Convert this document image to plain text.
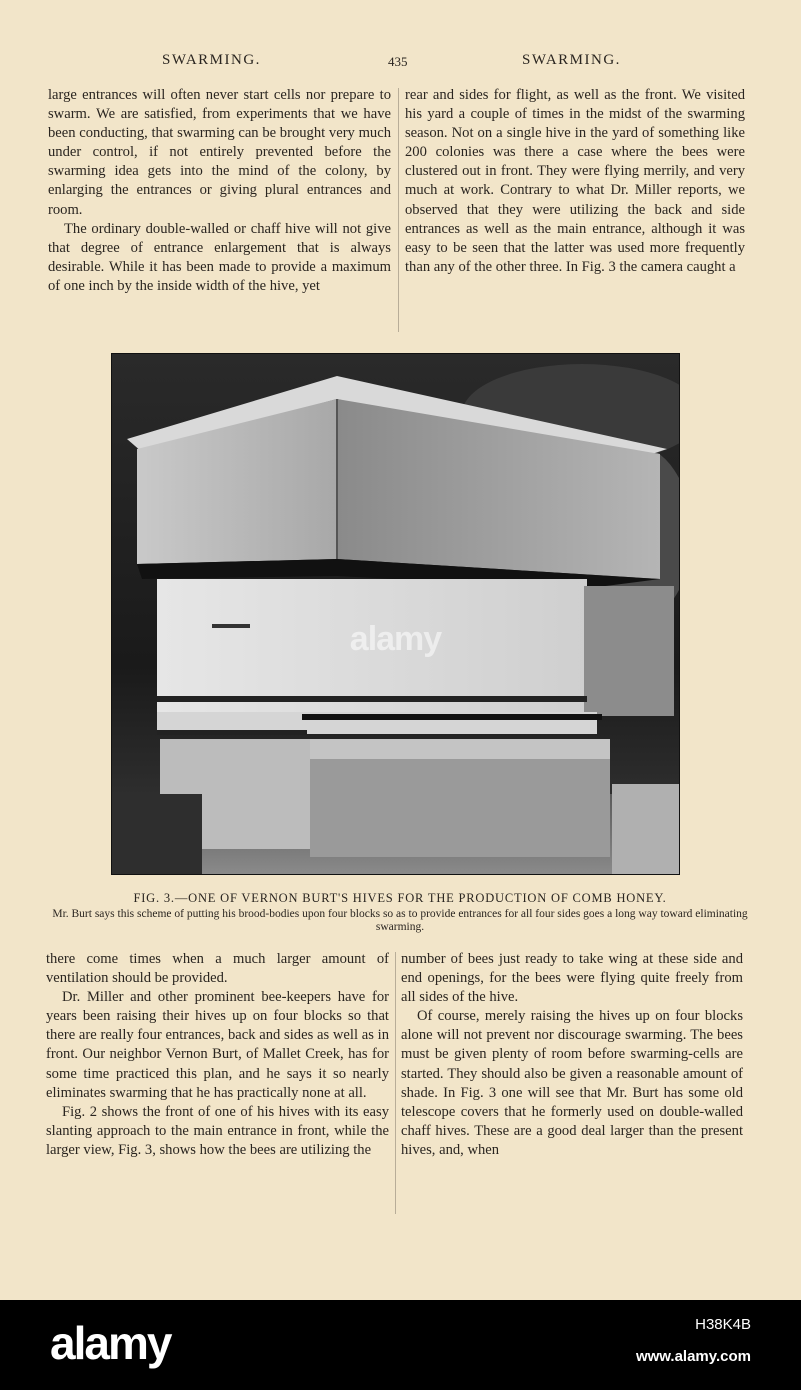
SWARMING.	435	SWARMING.

large entrances will often never start cells nor prepare to swarm. We are satisfied, from experiments that we have been conducting, that swarming can be brought very much under control, if not entirely prevented before the swarming idea gets into the mind of the colony, by enlarging the entrances or giving plural entrances and room.

The ordinary double-walled or chaff hive will not give that degree of entrance enlargement that is always desirable. While it has been made to provide a maximum of one inch by the inside width of the hive, yet

rear and sides for flight, as well as the front. We visited his yard a couple of times in the midst of the swarming season. Not on a single hive in the yard of something like 200 colonies was there a case where the bees were clustered out in front. They were flying merrily, and very much at work. Contrary to what Dr. Miller reports, we observed that they were utilizing the back and side entrances as well as the main entrance, although it was easy to be seen that the latter was used more frequently than any of the other three. In Fig. 3 the camera caught a

alamy

FIG. 3.—ONE OF VERNON BURT'S HIVES FOR THE PRODUCTION OF COMB HONEY.

Mr. Burt says this scheme of putting his brood-bodies upon four blocks so as to provide entrances for all four sides goes a long way toward eliminating swarming.

there come times when a much larger amount of ventilation should be provided.

Dr. Miller and other prominent bee-keepers have for years been raising their hives up on four blocks so that there are really four entrances, back and sides as well as in front. Our neighbor Vernon Burt, of Mallet Creek, has for some time practiced this plan, and he says it so nearly eliminates swarming that he has practically none at all.

Fig. 2 shows the front of one of his hives with its easy slanting approach to the main entrance in front, while the larger view, Fig. 3, shows how the bees are utilizing the

number of bees just ready to take wing at these side and end openings, for the bees were flying quite freely from all sides of the hive.

Of course, merely raising the hives up on four blocks alone will not prevent nor discourage swarming. The bees must be given plenty of room before swarming-cells are started. They should also be given a reasonable amount of shade. In Fig. 3 one will see that Mr. Burt has some old telescope covers that he formerly used on double-walled chaff hives. These are a good deal larger than the present hives, and, when

alamy	H38K4B
www.alamy.com
